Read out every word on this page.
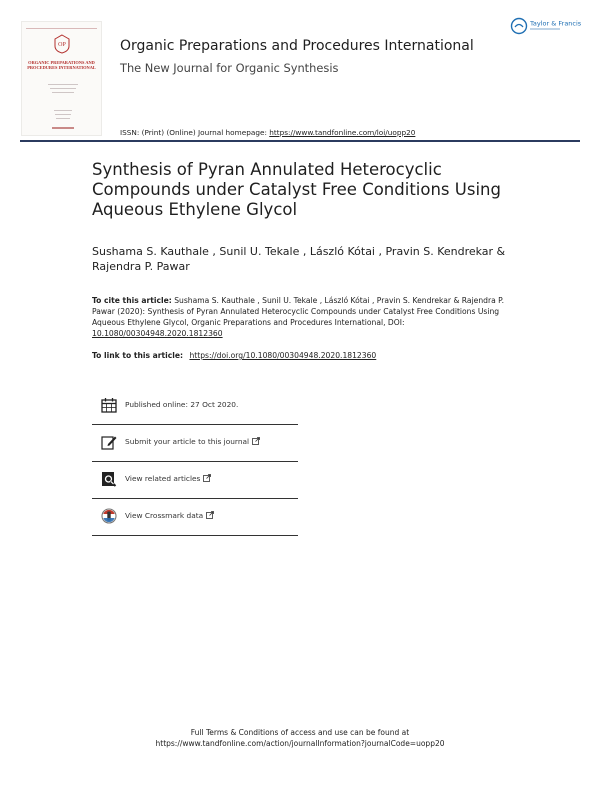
OP
ORGANIC PREPARATIONS AND PROCEDURES INTERNATIONAL
Organic Preparations and Procedures International
The New Journal for Organic Synthesis
Taylor & Francis
ISSN: (Print) (Online) Journal homepage: https://www.tandfonline.com/loi/uopp20
Synthesis of Pyran Annulated Heterocyclic Compounds under Catalyst Free Conditions Using Aqueous Ethylene Glycol
Sushama S. Kauthale , Sunil U. Tekale , László Kótai , Pravin S. Kendrekar & Rajendra P. Pawar
To cite this article: Sushama S. Kauthale , Sunil U. Tekale , László Kótai , Pravin S. Kendrekar & Rajendra P. Pawar (2020): Synthesis of Pyran Annulated Heterocyclic Compounds under Catalyst Free Conditions Using Aqueous Ethylene Glycol, Organic Preparations and Procedures International, DOI: 10.1080/00304948.2020.1812360
To link to this article: https://doi.org/10.1080/00304948.2020.1812360
Published online: 27 Oct 2020.
Submit your article to this journal
View related articles
View Crossmark data
Full Terms & Conditions of access and use can be found at
https://www.tandfonline.com/action/journalInformation?journalCode=uopp20
